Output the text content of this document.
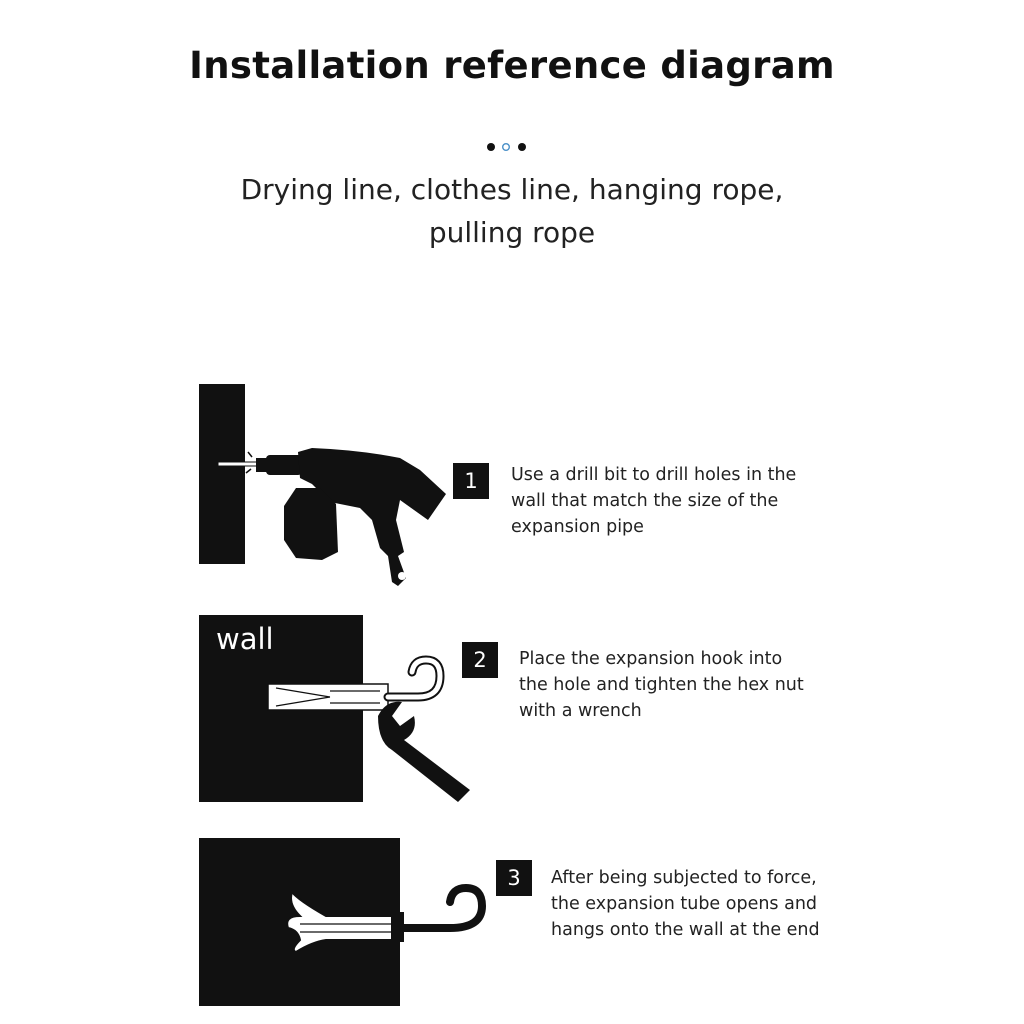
Installation reference diagram
Drying line, clothes line, hanging rope,
pulling rope
1	Use a drill bit to drill holes in the
wall that match the size of the
expansion pipe
wall
2	Place the expansion hook into
the hole and tighten the hex nut
with a wrench
3	After being subjected to force,
the expansion tube opens and
hangs onto the wall at the end
